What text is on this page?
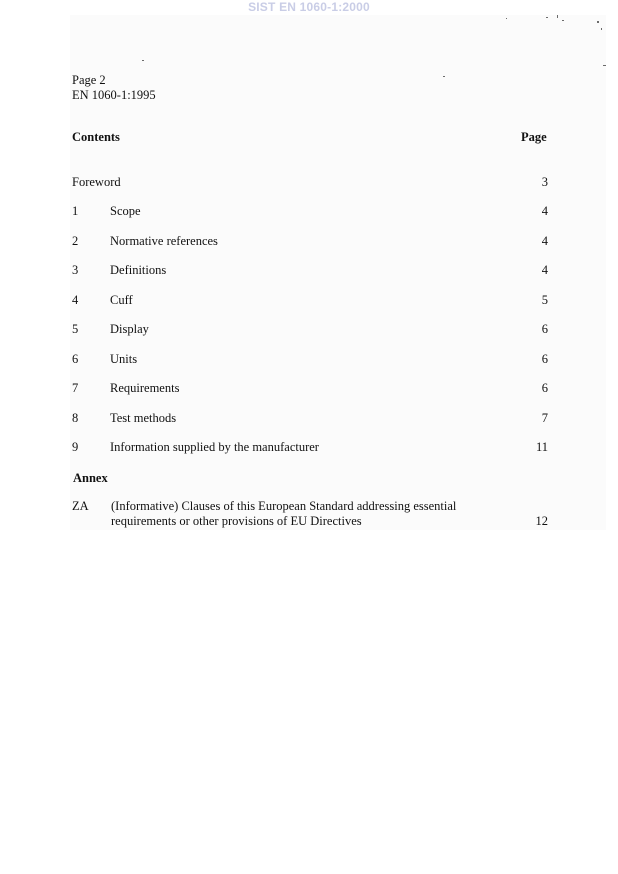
SIST EN 1060-1:2000
Page 2
EN 1060-1:1995
Contents	Page
Foreword	3
1	Scope	4
2	Normative references	4
3	Definitions	4
4	Cuff	5
5	Display	6
6	Units	6
7	Requirements	6
8	Test methods	7
9	Information supplied by the manufacturer	11
Annex
ZA (Informative) Clauses of this European Standard addressing essential
requirements or other provisions of EU Directives	12
